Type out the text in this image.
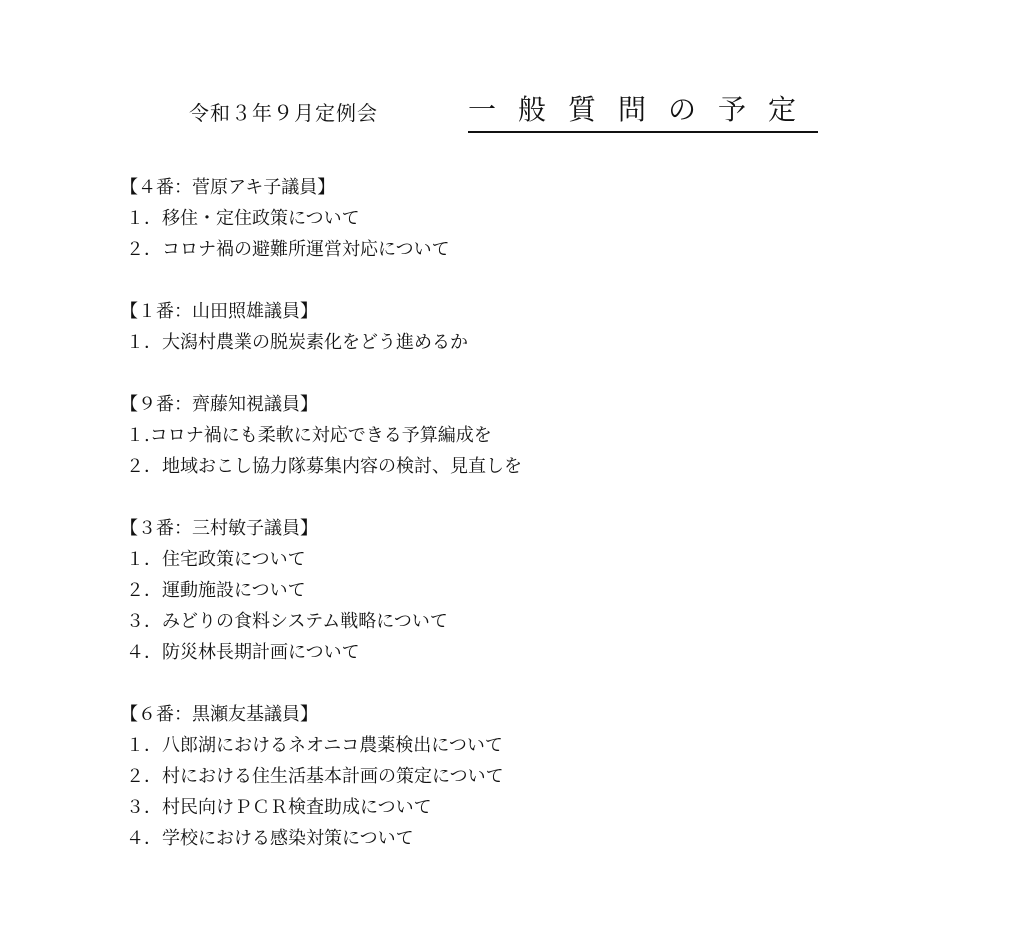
令和３年９月定例会	一般質問の予定
【４番：菅原アキ子議員】
１．移住・定住政策について
２．コロナ禍の避難所運営対応について
【１番：山田照雄議員】
１．大潟村農業の脱炭素化をどう進めるか
【９番：齊藤知視議員】
１.コロナ禍にも柔軟に対応できる予算編成を
２．地域おこし協力隊募集内容の検討、見直しを
【３番：三村敏子議員】
１．住宅政策について
２．運動施設について
３．みどりの食料システム戦略について
４．防災林長期計画について
【６番：黒瀬友基議員】
１．八郎湖におけるネオニコ農薬検出について
２．村における住生活基本計画の策定について
３．村民向けＰＣＲ検査助成について
４．学校における感染対策について
